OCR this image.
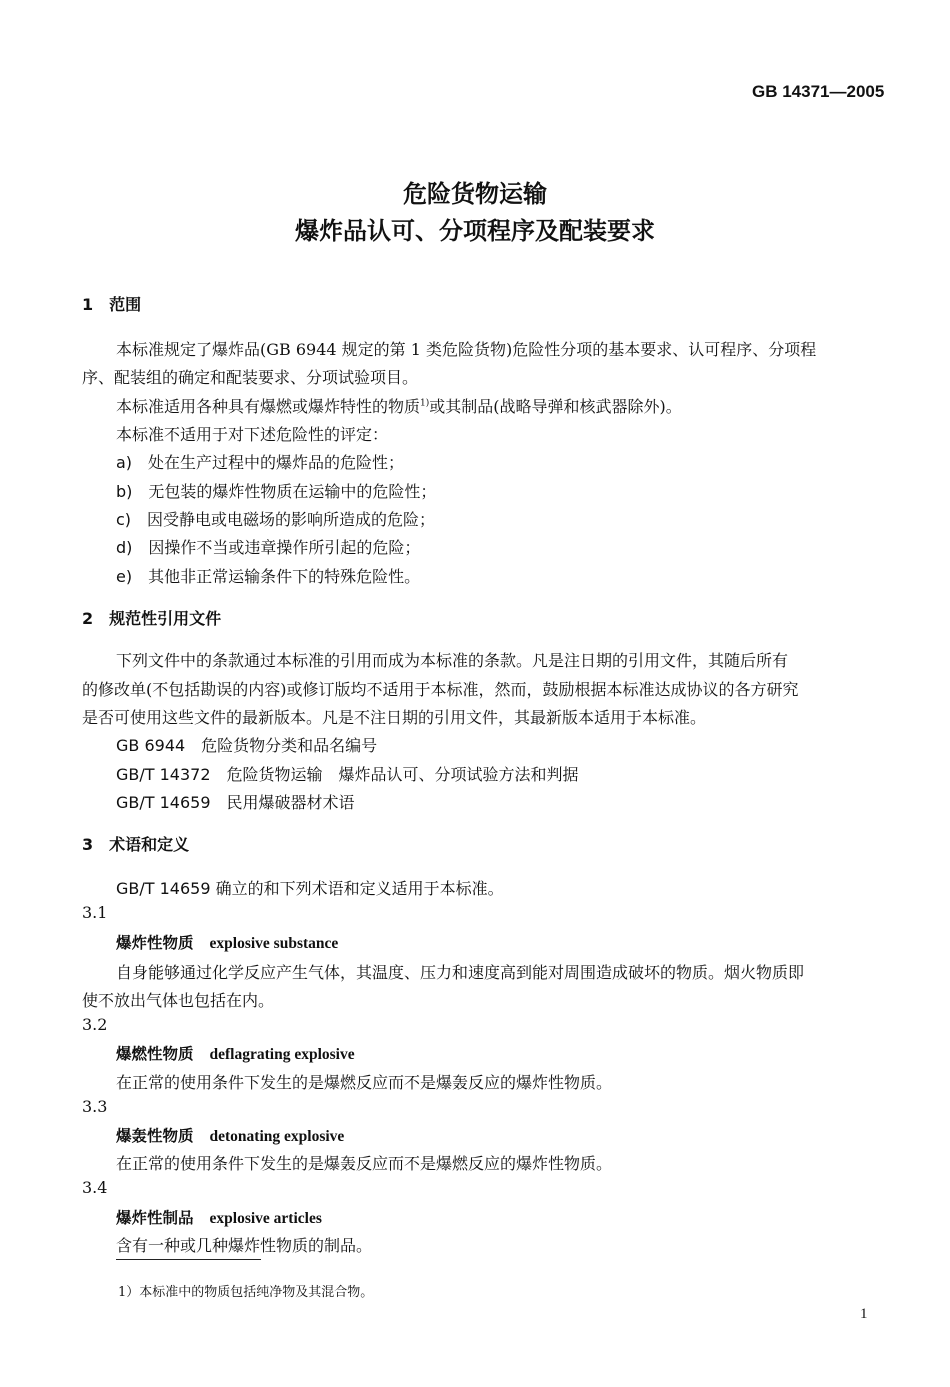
GB 14371—2005
危险货物运输
爆炸品认可、分项程序及配装要求
1　范围
本标准规定了爆炸品(GB 6944 规定的第 1 类危险货物)危险性分项的基本要求、认可程序、分项程
序、配装组的确定和配装要求、分项试验项目。
本标准适用各种具有爆燃或爆炸特性的物质$^{1)}$或其制品(战略导弹和核武器除外)。
本标准不适用于对下述危险性的评定：
a)　处在生产过程中的爆炸品的危险性；
b)　无包装的爆炸性物质在运输中的危险性；
c)　因受静电或电磁场的影响所造成的危险；
d)　因操作不当或违章操作所引起的危险；
e)　其他非正常运输条件下的特殊危险性。
2　规范性引用文件
下列文件中的条款通过本标准的引用而成为本标准的条款。凡是注日期的引用文件，其随后所有
的修改单(不包括勘误的内容)或修订版均不适用于本标准，然而，鼓励根据本标准达成协议的各方研究
是否可使用这些文件的最新版本。凡是不注日期的引用文件，其最新版本适用于本标准。
GB 6944　危险货物分类和品名编号
GB/T 14372　危险货物运输　爆炸品认可、分项试验方法和判据
GB/T 14659　民用爆破器材术语
3　术语和定义
GB/T 14659 确立的和下列术语和定义适用于本标准。
3.1
爆炸性物质 explosive substance
自身能够通过化学反应产生气体，其温度、压力和速度高到能对周围造成破坏的物质。烟火物质即
使不放出气体也包括在内。
3.2
爆燃性物质 deflagrating explosive
在正常的使用条件下发生的是爆燃反应而不是爆轰反应的爆炸性物质。
3.3
爆轰性物质 detonating explosive
在正常的使用条件下发生的是爆轰反应而不是爆燃反应的爆炸性物质。
3.4
爆炸性制品 explosive articles
含有一种或几种爆炸性物质的制品。
1）本标准中的物质包括纯净物及其混合物。
1
